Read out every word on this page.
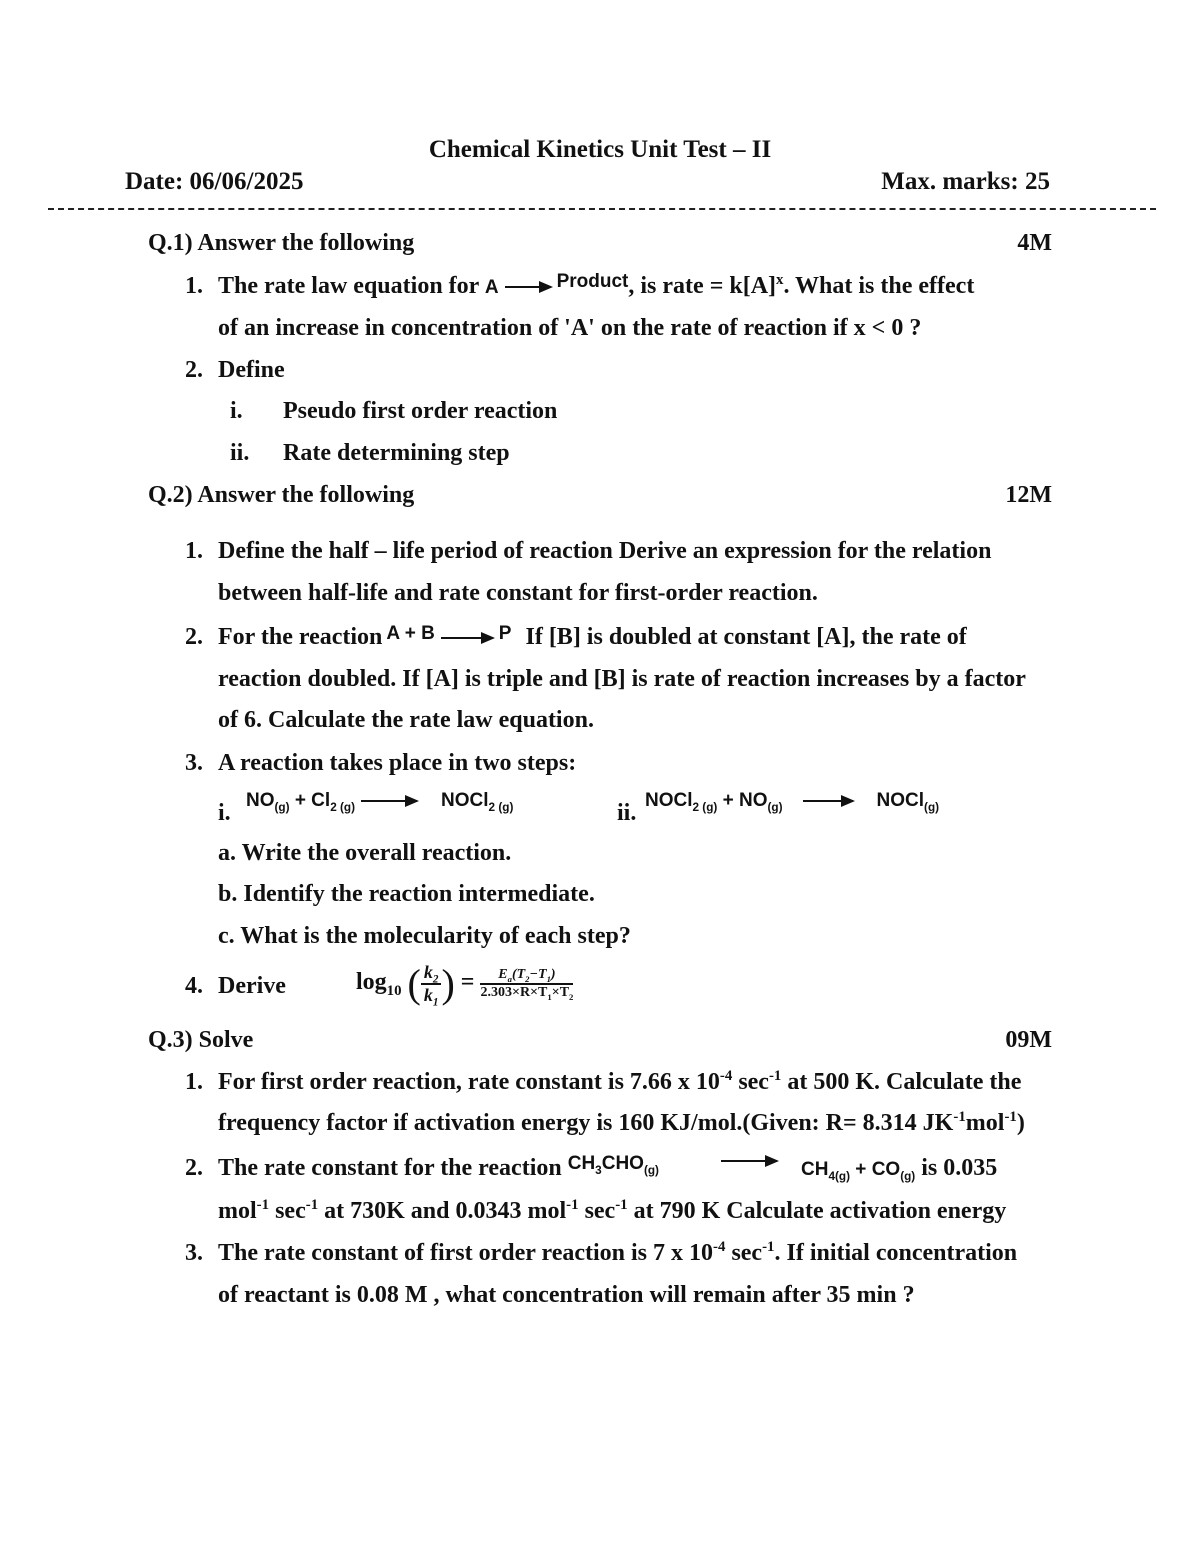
Chemical Kinetics Unit Test – II
Date: 06/06/2025	Max. marks: 25
Q.1) Answer the following	4M
1. The rate law equation for A → $^{Product}$, is rate = $k[A]^x$. What is the effect
of an increase in concentration of 'A' on the rate of reaction if x < 0 ?
2. Define
i. Pseudo first order reaction
ii. Rate determining step
Q.2) Answer the following	12M
1. Define the half – life period of reaction Derive an expression for the relation
between half-life and rate constant for first-order reaction.
2. For the reaction $^{A + B}$ → $^P$ If [B] is doubled at constant [A], the rate of
reaction doubled. If [A] is triple and [B] is rate of reaction increases by a factor
of 6. Calculate the rate law equation.
3. A reaction takes place in two steps:
i. $NO_{(g)} + Cl_{2 (g)}$ → NOCl$_{2 (g)}$	ii. NOCl$_{2 (g)}$ + $NO_{(g)}$ → NOCl$_{(g)}$
a. Write the overall reaction.
b. Identify the reaction intermediate.
c. What is the molecularity of each step?
4. Derive	$\log_{10}$ ( $\frac{k_2}{k_1}$ ) = $\frac{E_a(T_2-T_1)}{2.303\times R\times T_1\times T_2}$
Q.3) Solve	09M
1. For first order reaction, rate constant is 7.66 x $10^{-4}$ $\sec^{-1}$ at 500 K. Calculate the
frequency factor if activation energy is 160 KJ/mol.(Given: R= 8.314 $JK^{-1}mol^{-1}$)
2. The rate constant for the reaction $^{CH_3CHO_{(g)}} \to CH_{4(g)} + CO_{(g)}$ is 0.035
mol$^{-1}$ $\sec^{-1}$ at 730K and 0.0343 mol$^{-1}$ $\sec^{-1}$ at 790 K Calculate activation energy
3. The rate constant of first order reaction is 7 x $10^{-4}$ $\sec^{-1}$. If initial concentration
of reactant is 0.08 M , what concentration will remain after 35 min ?
